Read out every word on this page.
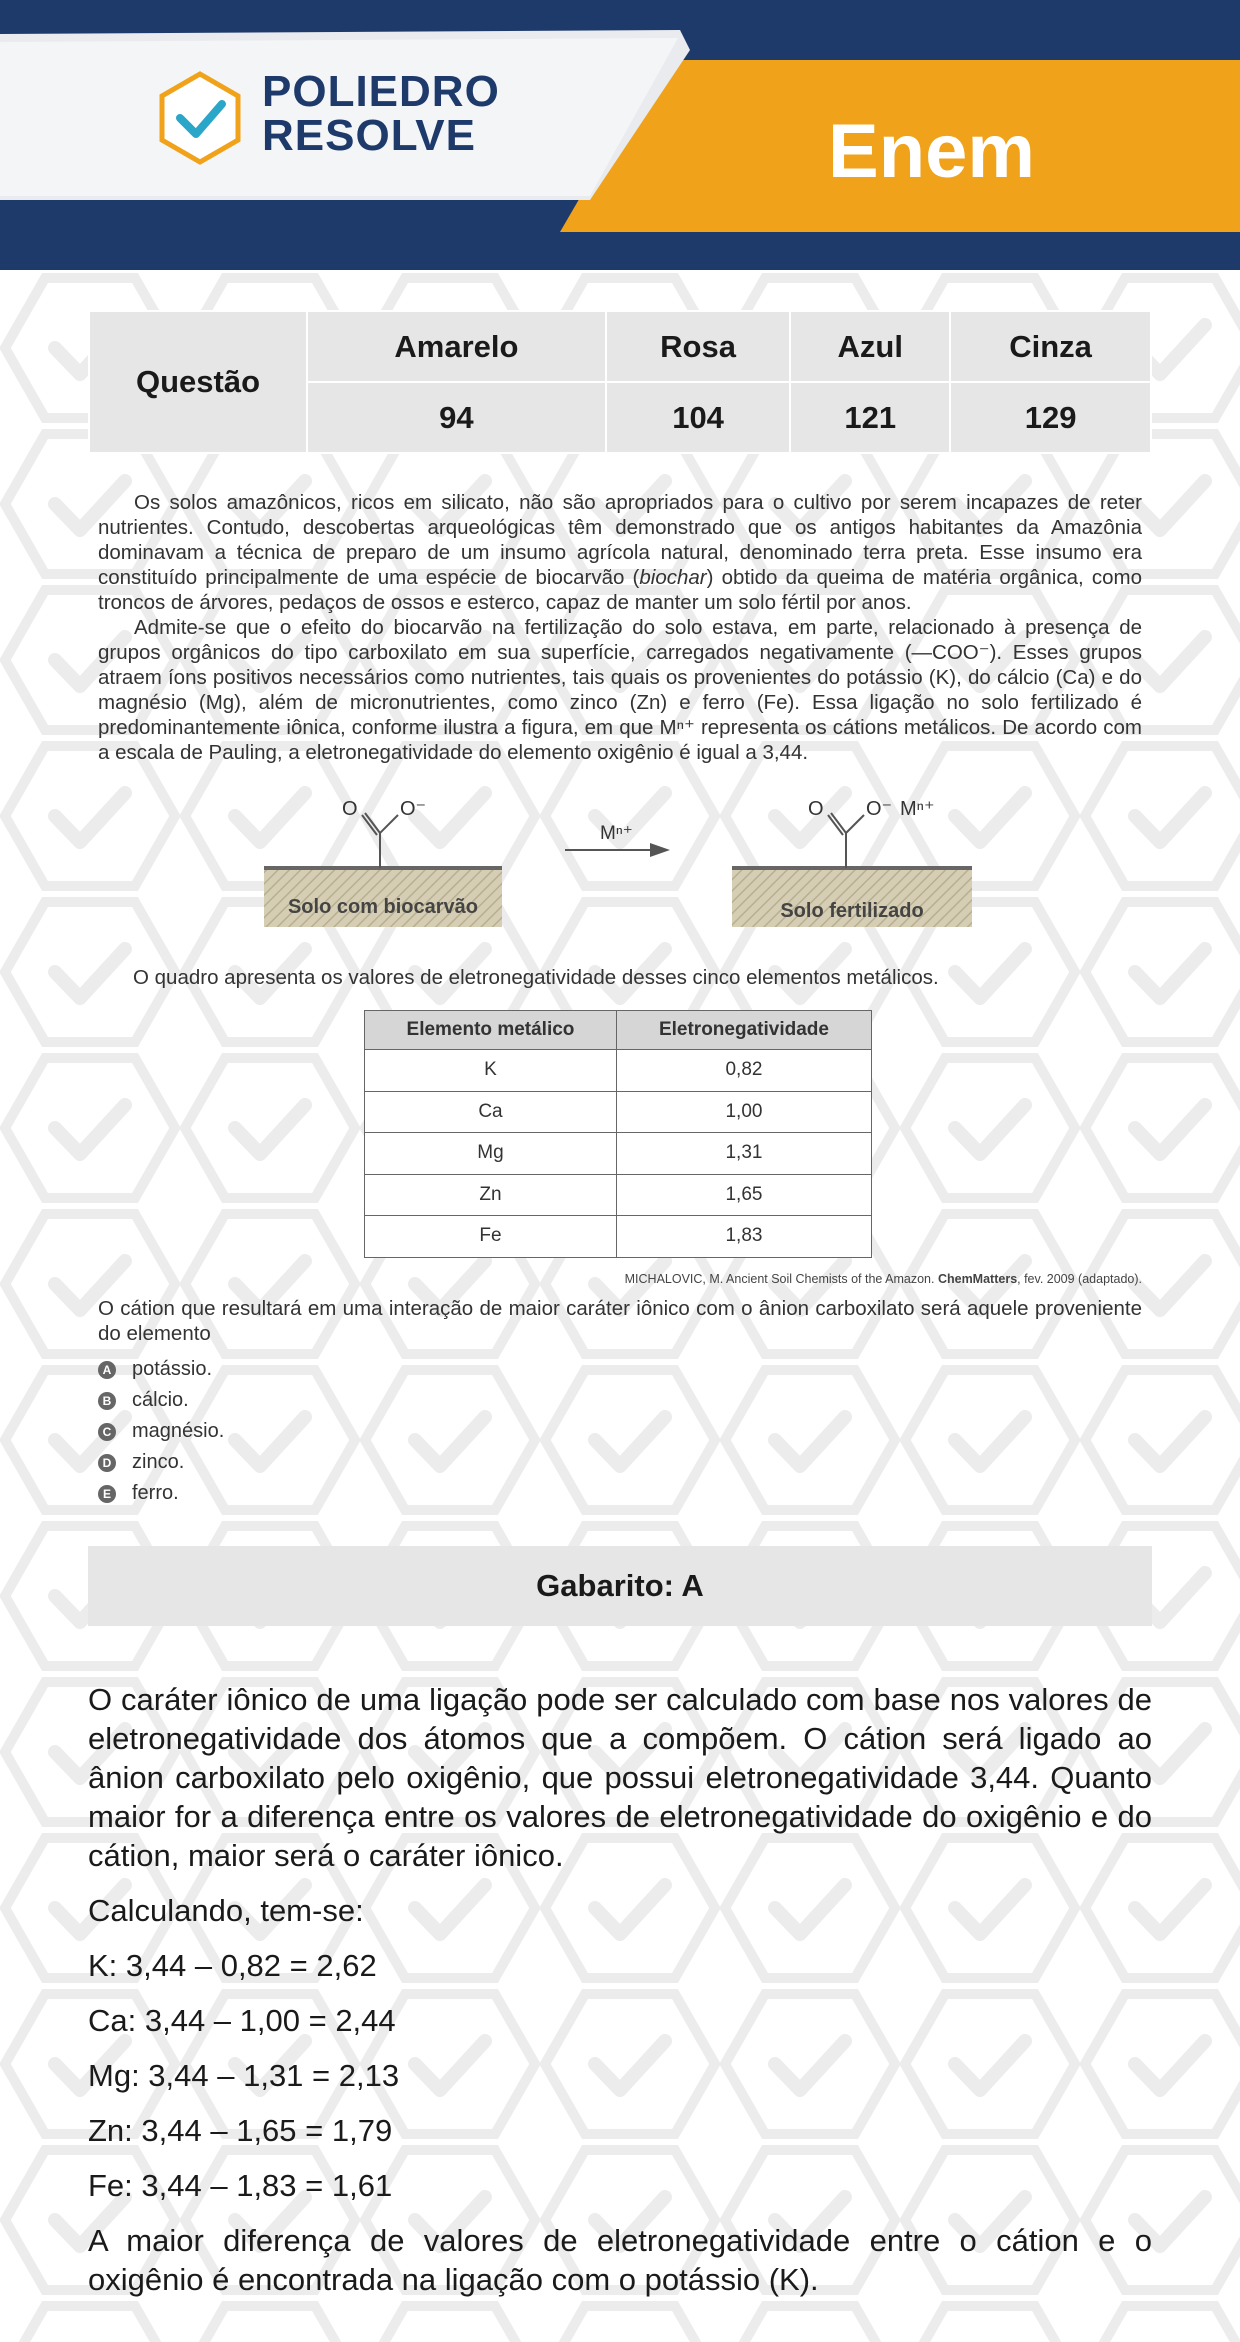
POLIEDRO
RESOLVE	Enem
Questão	Amarelo	Rosa	Azul	Cinza
	94	104	121	129

Os solos amazônicos, ricos em silicato, não são apropriados para o cultivo por serem incapazes de reter nutrientes. Contudo, descobertas arqueológicas têm demonstrado que os antigos habitantes da Amazônia dominavam a técnica de preparo de um insumo agrícola natural, denominado terra preta. Esse insumo era constituído principalmente de uma espécie de biocarvão (biochar) obtido da queima de matéria orgânica, como troncos de árvores, pedaços de ossos e esterco, capaz de manter um solo fértil por anos.

Admite-se que o efeito do biocarvão na fertilização do solo estava, em parte, relacionado à presença de grupos orgânicos do tipo carboxilato em sua superfície, carregados negativamente (—COO⁻). Esses grupos atraem íons positivos necessários como nutrientes, tais quais os provenientes do potássio (K), do cálcio (Ca) e do magnésio (Mg), além de micronutrientes, como zinco (Zn) e ferro (Fe). Essa ligação no solo fertilizado é predominantemente iônica, conforme ilustra a figura, em que Mⁿ⁺ representa os cátions metálicos. De acordo com a escala de Pauling, a eletronegatividade do elemento oxigênio é igual a 3,44.

O O⁻
Solo com biocarvão
Mⁿ⁺
O O⁻ Mⁿ⁺
Solo fertilizado
O quadro apresenta os valores de eletronegatividade desses cinco elementos metálicos.
Elemento metálico	Eletronegatividade
K	0,82
Ca	1,00
Mg	1,31
Zn	1,65
Fe	1,83
MICHALOVIC, M. Ancient Soil Chemists of the Amazon. ChemMatters, fev. 2009 (adaptado).
O cátion que resultará em uma interação de maior caráter iônico com o ânion carboxilato será aquele proveniente do elemento
A potássio.
B cálcio.
C magnésio.
D zinco.
E ferro.
Gabarito: A
O caráter iônico de uma ligação pode ser calculado com base nos valores de eletronegatividade dos átomos que a compõem. O cátion será ligado ao ânion carboxilato pelo oxigênio, que possui eletronegatividade 3,44. Quanto maior for a diferença entre os valores de eletronegatividade do oxigênio e do cátion, maior será o caráter iônico.
Calculando, tem-se:
K: 3,44 – 0,82 = 2,62
Ca: 3,44 – 1,00 = 2,44
Mg: 3,44 – 1,31 = 2,13
Zn: 3,44 – 1,65 = 1,79
Fe: 3,44 – 1,83 = 1,61
A maior diferença de valores de eletronegatividade entre o cátion e o oxigênio é encontrada na ligação com o potássio (K).
